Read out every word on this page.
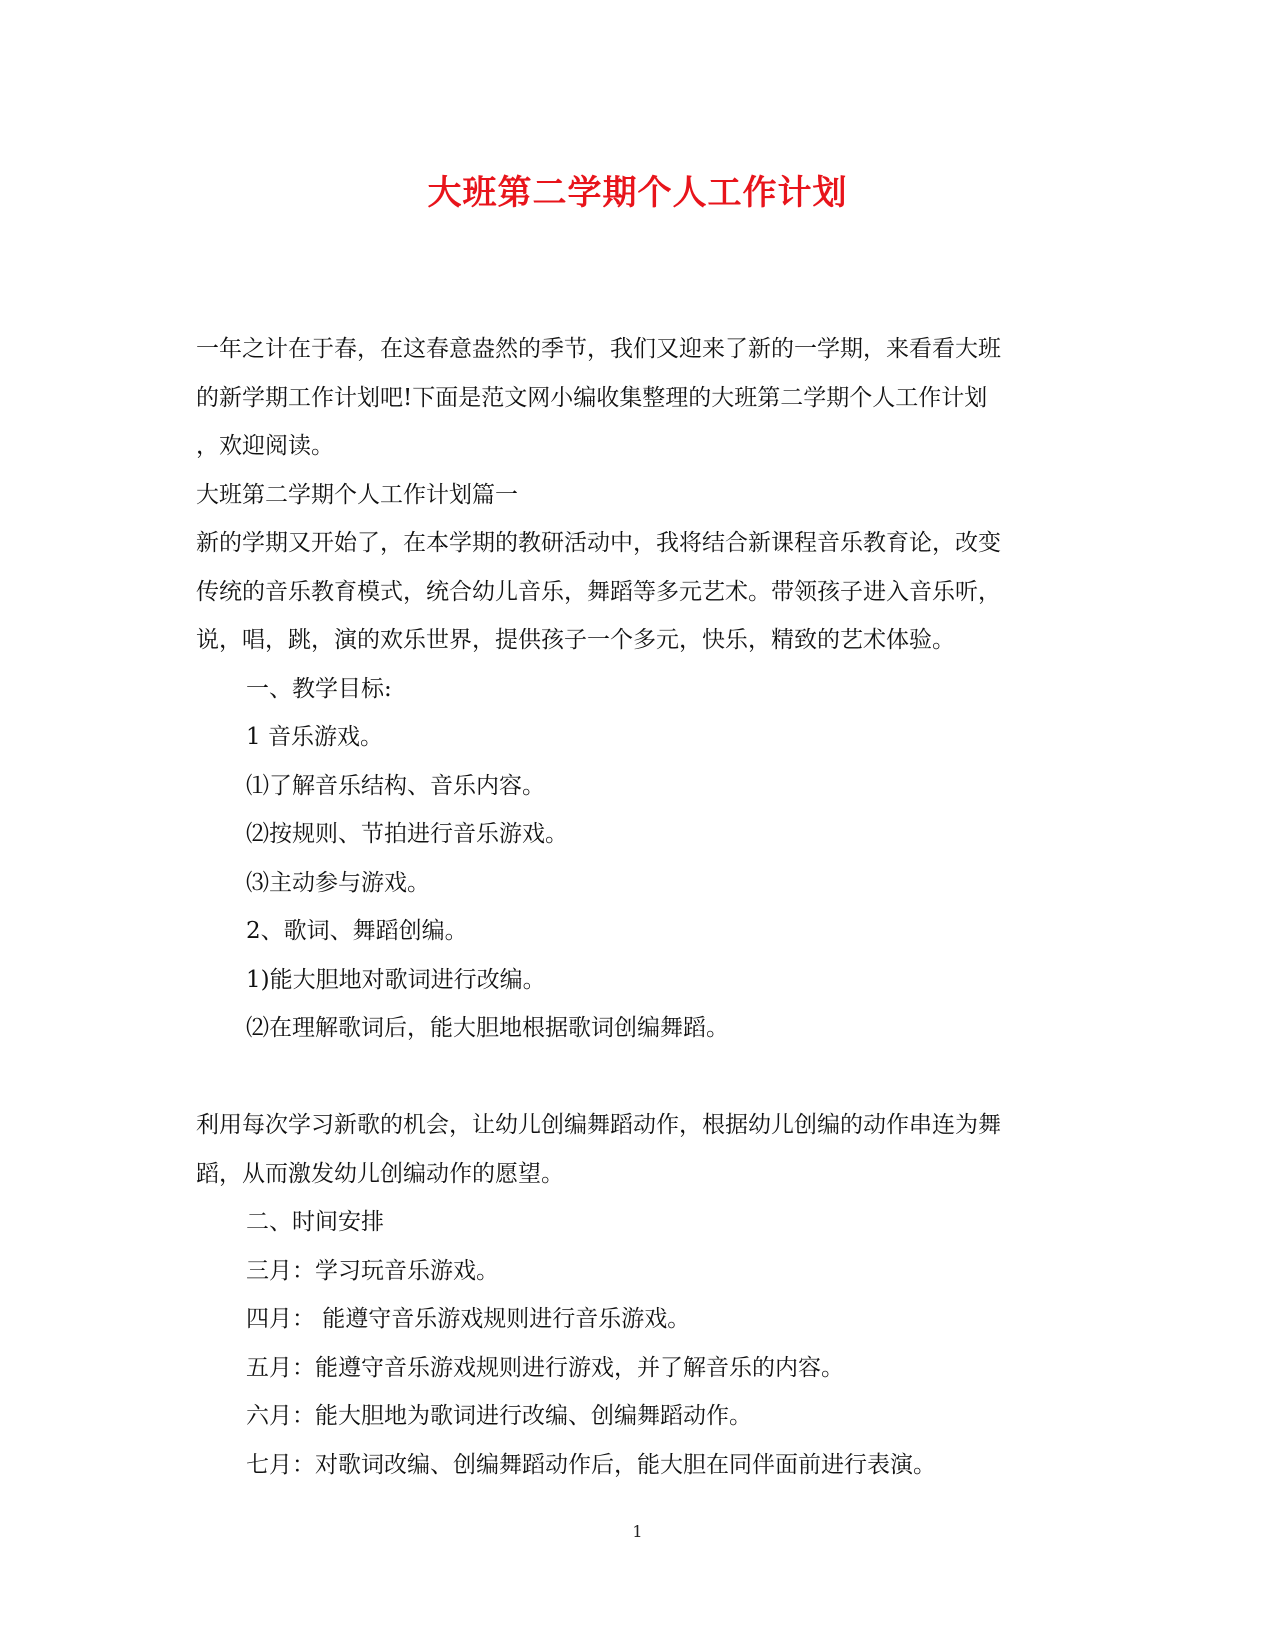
大班第二学期个人工作计划
一年之计在于春，在这春意盎然的季节，我们又迎来了新的一学期，来看看大班
的新学期工作计划吧!下面是范文网小编收集整理的大班第二学期个人工作计划
，欢迎阅读。
大班第二学期个人工作计划篇一
新的学期又开始了，在本学期的教研活动中，我将结合新课程音乐教育论，改变
传统的音乐教育模式，统合幼儿音乐，舞蹈等多元艺术。带领孩子进入音乐听，
说，唱，跳，演的欢乐世界，提供孩子一个多元，快乐，精致的艺术体验。
一、教学目标:
1 音乐游戏。
⑴了解音乐结构、音乐内容。
⑵按规则、节拍进行音乐游戏。
⑶主动参与游戏。
2、歌词、舞蹈创编。
1)能大胆地对歌词进行改编。
⑵在理解歌词后，能大胆地根据歌词创编舞蹈。
利用每次学习新歌的机会，让幼儿创编舞蹈动作，根据幼儿创编的动作串连为舞
蹈，从而激发幼儿创编动作的愿望。
二、时间安排
三月：学习玩音乐游戏。
四月： 能遵守音乐游戏规则进行音乐游戏。
五月：能遵守音乐游戏规则进行游戏，并了解音乐的内容。
六月：能大胆地为歌词进行改编、创编舞蹈动作。
七月：对歌词改编、创编舞蹈动作后，能大胆在同伴面前进行表演。
1
